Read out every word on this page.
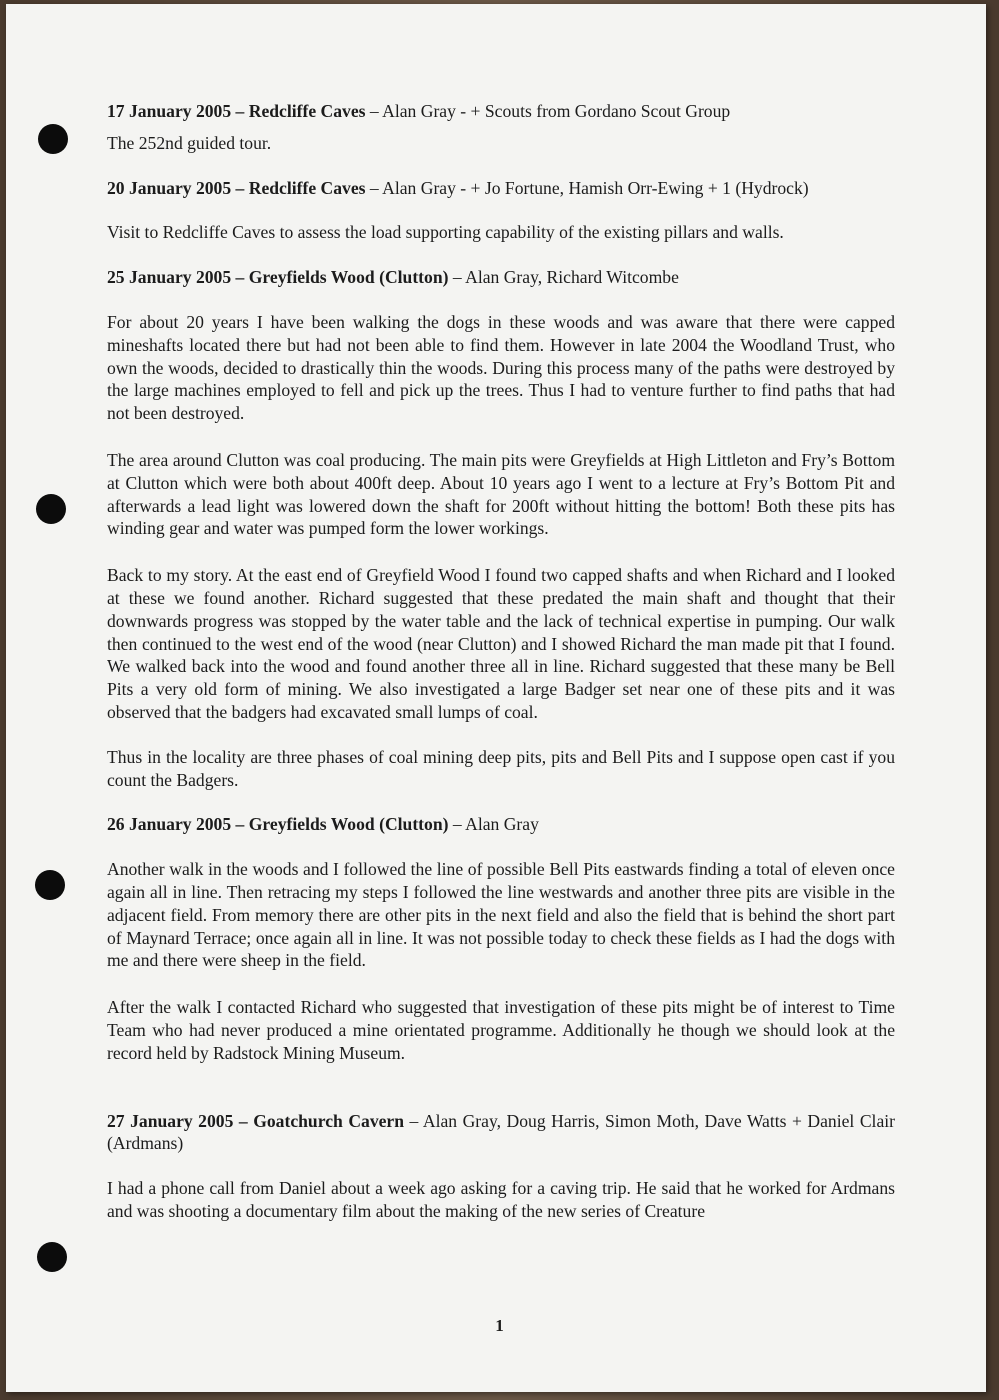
17 January 2005 – Redcliffe Caves – Alan Gray - + Scouts from Gordano Scout Group

The 252nd guided tour.

20 January 2005 – Redcliffe Caves – Alan Gray - + Jo Fortune, Hamish Orr-Ewing + 1 (Hydrock)

Visit to Redcliffe Caves to assess the load supporting capability of the existing pillars and walls.

25 January 2005 – Greyfields Wood (Clutton) – Alan Gray, Richard Witcombe

For about 20 years I have been walking the dogs in these woods and was aware that there were capped mineshafts located there but had not been able to find them. However in late 2004 the Woodland Trust, who own the woods, decided to drastically thin the woods. During this process many of the paths were destroyed by the large machines employed to fell and pick up the trees. Thus I had to venture further to find paths that had not been destroyed.

The area around Clutton was coal producing. The main pits were Greyfields at High Littleton and Fry’s Bottom at Clutton which were both about 400ft deep. About 10 years ago I went to a lecture at Fry’s Bottom Pit and afterwards a lead light was lowered down the shaft for 200ft without hitting the bottom! Both these pits has winding gear and water was pumped form the lower workings.

Back to my story. At the east end of Greyfield Wood I found two capped shafts and when Richard and I looked at these we found another. Richard suggested that these predated the main shaft and thought that their downwards progress was stopped by the water table and the lack of technical expertise in pumping. Our walk then continued to the west end of the wood (near Clutton) and I showed Richard the man made pit that I found. We walked back into the wood and found another three all in line. Richard suggested that these many be Bell Pits a very old form of mining. We also investigated a large Badger set near one of these pits and it was observed that the badgers had excavated small lumps of coal.

Thus in the locality are three phases of coal mining deep pits, pits and Bell Pits and I suppose open cast if you count the Badgers.

26 January 2005 – Greyfields Wood (Clutton) – Alan Gray

Another walk in the woods and I followed the line of possible Bell Pits eastwards finding a total of eleven once again all in line. Then retracing my steps I followed the line westwards and another three pits are visible in the adjacent field. From memory there are other pits in the next field and also the field that is behind the short part of Maynard Terrace; once again all in line. It was not possible today to check these fields as I had the dogs with me and there were sheep in the field.

After the walk I contacted Richard who suggested that investigation of these pits might be of interest to Time Team who had never produced a mine orientated programme. Additionally he though we should look at the record held by Radstock Mining Museum.

27 January 2005 – Goatchurch Cavern – Alan Gray, Doug Harris, Simon Moth, Dave Watts + Daniel Clair (Ardmans)

I had a phone call from Daniel about a week ago asking for a caving trip. He said that he worked for Ardmans and was shooting a documentary film about the making of the new series of Creature

1
